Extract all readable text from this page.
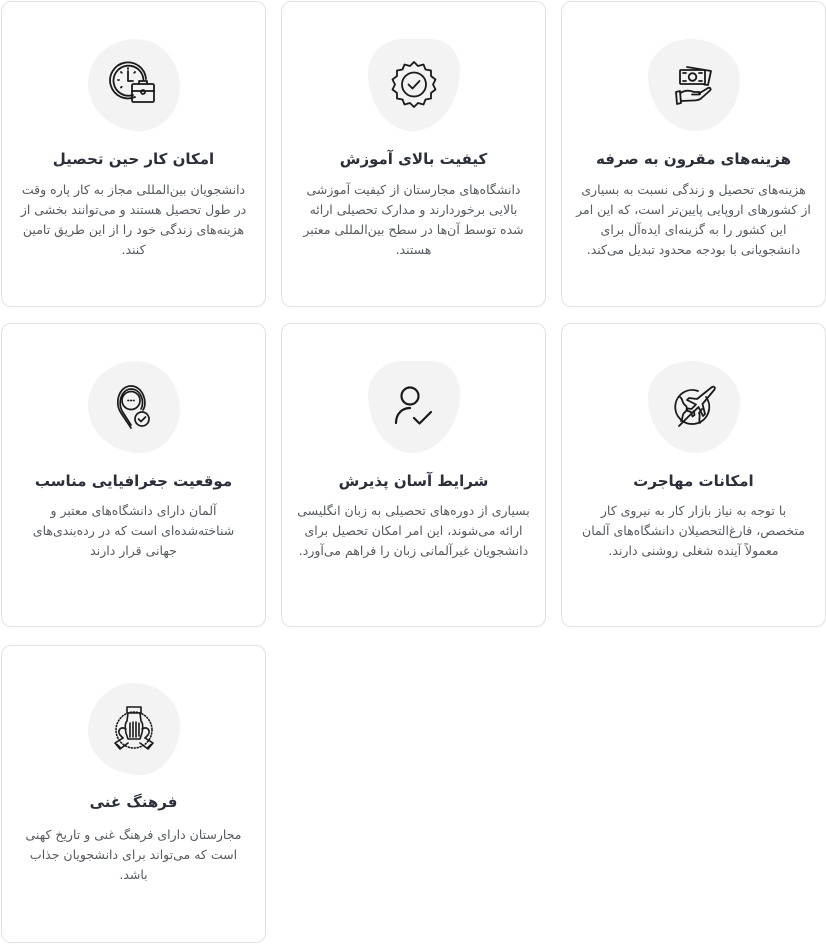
هزینه‌های مقرون به صرفه
هزینه‌های تحصیل و زندگی نسبت به بسیاری از کشورهای اروپایی پایین‌تر است، که این امر این کشور را به گزینه‌ای ایده‌آل برای دانشجویانی با بودجه محدود تبدیل می‌کند.
کیفیت بالای آموزش
دانشگاه‌های مجارستان از کیفیت آموزشی بالایی برخوردارند و مدارک تحصیلی ارائه شده توسط آن‌ها در سطح بین‌المللی معتبر هستند.
امکان کار حین تحصیل
دانشجویان بین‌المللی مجاز به کار پاره وقت در طول تحصیل هستند و می‌توانند بخشی از هزینه‌های زندگی خود را از این طریق تامین کنند.
امکانات مهاجرت
با توجه به نیاز بازار کار به نیروی کار متخصص، فارغ‌التحصیلان دانشگاه‌های آلمان معمولاً آینده شغلی روشنی دارند.
شرایط آسان پذیرش
بسیاری از دوره‌های تحصیلی به زبان انگلیسی ارائه می‌شوند، این امر امکان تحصیل برای دانشجویان غیرآلمانی زبان را فراهم می‌آورد.
موقعیت جغرافیایی مناسب
آلمان دارای دانشگاه‌های معتبر و شناخته‌شده‌ای است که در رده‌بندی‌های جهانی قرار دارند
فرهنگ غنی
مجارستان دارای فرهنگ غنی و تاریخ کهنی است که می‌تواند برای دانشجویان جذاب باشد.
